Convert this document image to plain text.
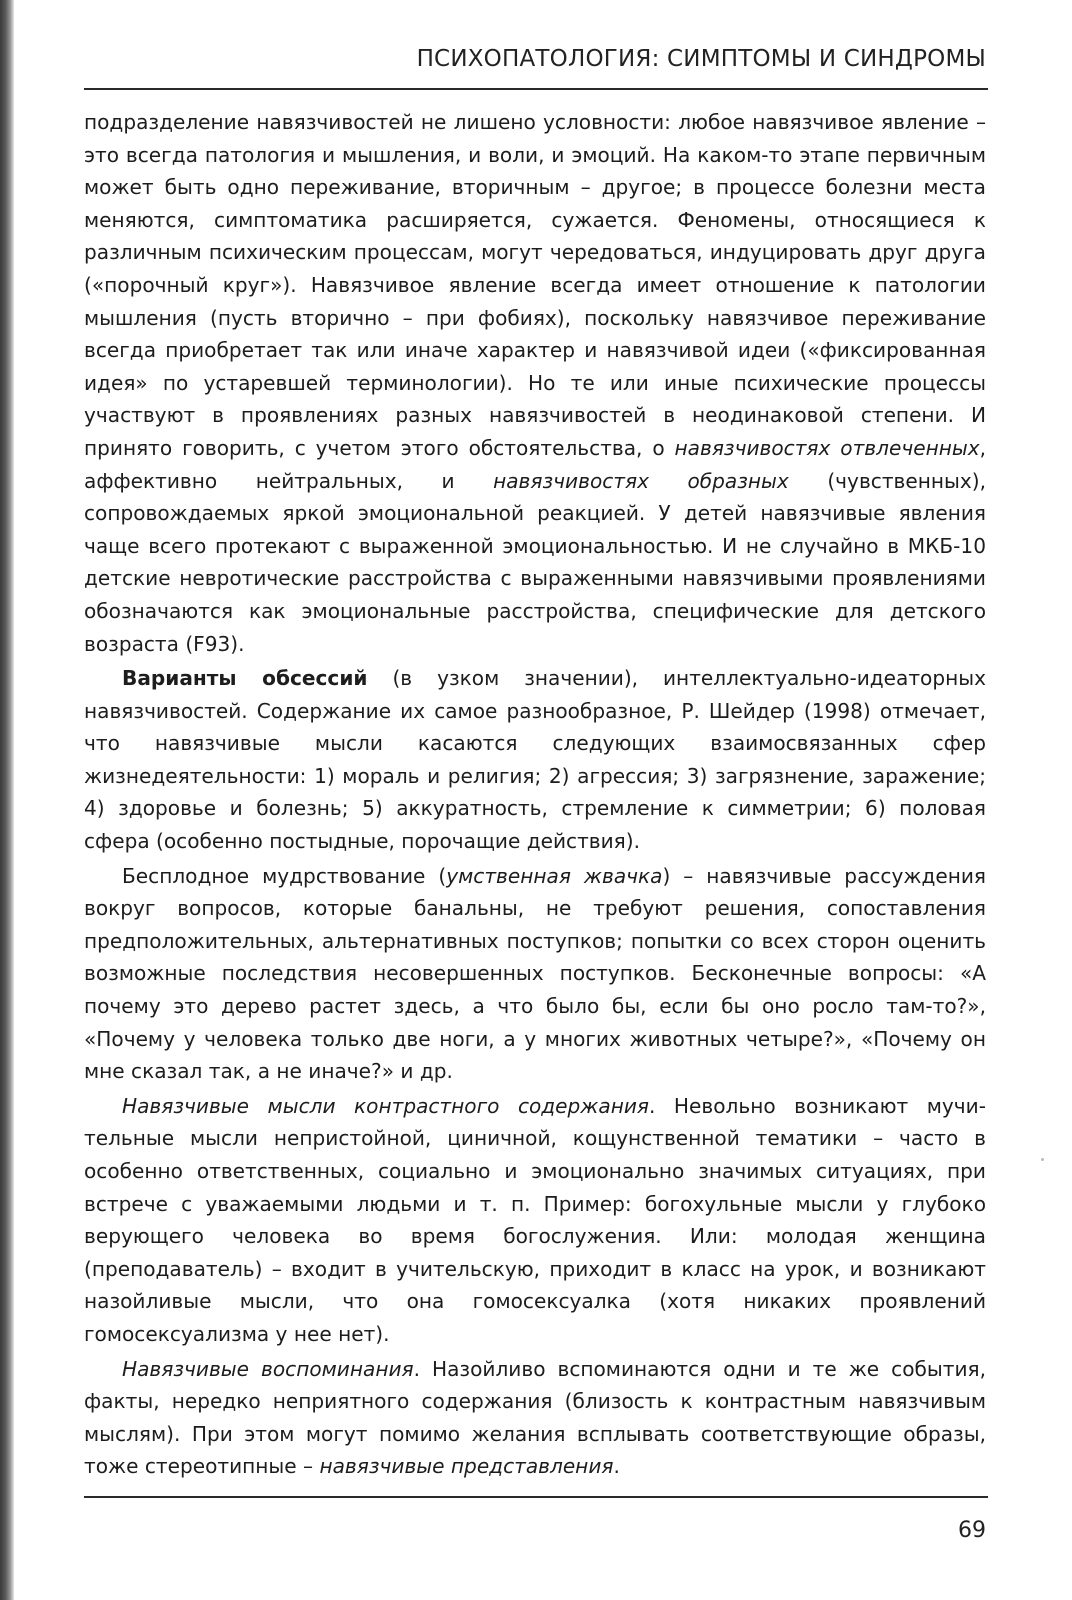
ПСИХОПАТОЛОГИЯ: СИМПТОМЫ И СИНДРОМЫ

подразделение навязчивостей не лишено условности: любое навязчивое явление – это всегда патология и мышления, и воли, и эмоций. На каком-то этапе первичным может быть одно переживание, вторичным – другое; в процессе болезни места меняются, симптоматика расширяется, сужается. Феномены, относящиеся к различным психическим процессам, могут чередоваться, индуцировать друг друга («порочный круг»). Навязчивое явление всегда имеет отношение к патологии мышления (пусть вторично – при фобиях), поскольку навязчивое переживание всегда приобретает так или иначе характер и навязчивой идеи («фиксированная идея» по устаревшей терминологии). Но те или иные психические процессы участвуют в проявлениях разных навязчивостей в неодинаковой степени. И принято говорить, с учетом этого обстоятельства, о навязчивостях отвлеченных, аффективно нейтральных, и навязчивостях образных (чувственных), сопровождаемых яркой эмоциональной реакцией. У детей навязчивые явления чаще всего протекают с выраженной эмоциональностью. И не случайно в МКБ-10 детские невротические расстройства с выраженными навязчивыми проявлениями обозначаются как эмоциональные расстройства, специфические для детского возраста (F93).

Варианты обсессий (в узком значении), интеллектуально-идеаторных навязчивостей. Содержание их самое разнообразное, Р. Шейдер (1998) отмечает, что навязчивые мысли касаются следующих взаимосвязанных сфер жизнедеятельности: 1) мораль и религия; 2) агрессия; 3) загрязнение, заражение; 4) здоровье и болезнь; 5) аккуратность, стремление к симметрии; 6) половая сфера (особенно постыдные, порочащие действия).

Бесплодное мудрствование (умственная жвачка) – навязчивые рассуждения вокруг вопросов, которые банальны, не требуют решения, сопоставления предположительных, альтернативных поступков; попытки со всех сторон оценить возможные последствия несовершенных поступков. Бесконечные вопросы: «А почему это дерево растет здесь, а что было бы, если бы оно росло там-то?», «Почему у человека только две ноги, а у многих животных четыре?», «Почему он мне сказал так, а не иначе?» и др.

Навязчивые мысли контрастного содержания. Невольно возникают мучительные мысли непристойной, циничной, кощунственной тематики – часто в особенно ответственных, социально и эмоционально значимых ситуациях, при встрече с уважаемыми людьми и т. п. Пример: богохульные мысли у глубоко верующего человека во время богослужения. Или: молодая женщина (преподаватель) – входит в учительскую, приходит в класс на урок, и возникают назойливые мысли, что она гомосексуалка (хотя никаких проявлений гомосексуализма у нее нет).

Навязчивые воспоминания. Назойливо вспоминаются одни и те же события, факты, нередко неприятного содержания (близость к контрастным навязчивым мыслям). При этом могут помимо желания всплывать соответствующие образы, тоже стереотипные – навязчивые представления.

69
